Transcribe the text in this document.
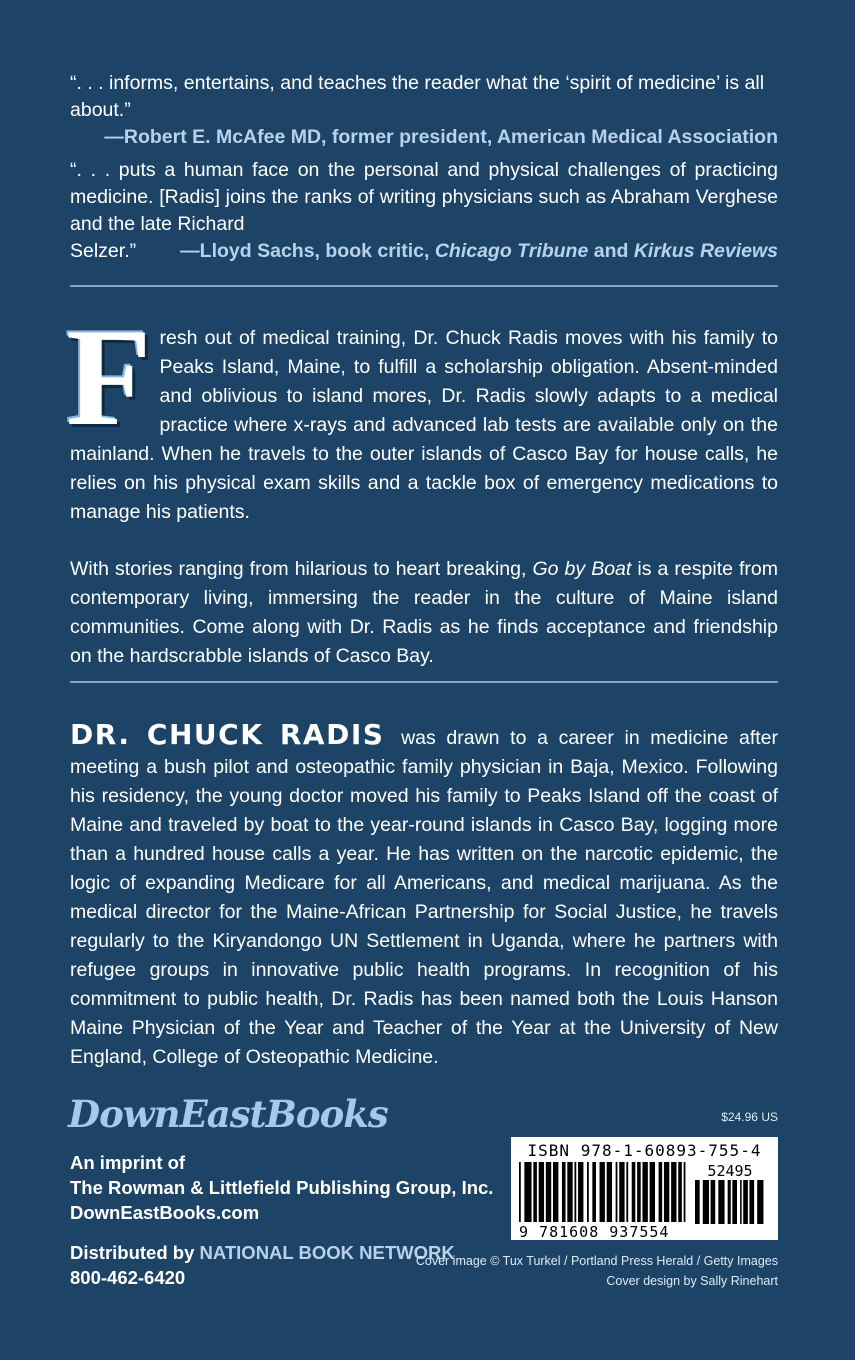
“. . . informs, entertains, and teaches the reader what the ‘spirit of medicine’ is all about.”
—Robert E. McAfee MD, former president, American Medical Association
“. . . puts a human face on the personal and physical challenges of practicing medicine. [Radis] joins the ranks of writing physicians such as Abraham Verghese and the late Richard
Selzer.” —Lloyd Sachs, book critic, Chicago Tribune and Kirkus Reviews

Fresh out of medical training, Dr. Chuck Radis moves with his family to Peaks Island, Maine, to fulfill a scholarship obligation. Absent-minded and oblivious to island mores, Dr. Radis slowly adapts to a medical practice where x-rays and advanced lab tests are available only on the mainland. When he travels to the outer islands of Casco Bay for house calls, he relies on his physical exam skills and a tackle box of emergency medications to manage his patients.

With stories ranging from hilarious to heart breaking, Go by Boat is a respite from contemporary living, immersing the reader in the culture of Maine island communities. Come along with Dr. Radis as he finds acceptance and friendship on the hardscrabble islands of Casco Bay.

DR. CHUCK RADIS was drawn to a career in medicine after meeting a bush pilot and osteopathic family physician in Baja, Mexico. Following his residency, the young doctor moved his family to Peaks Island off the coast of Maine and traveled by boat to the year-round islands in Casco Bay, logging more than a hundred house calls a year. He has written on the narcotic epidemic, the logic of expanding Medicare for all Americans, and medical marijuana. As the medical director for the Maine-African Partnership for Social Justice, he travels regularly to the Kiryandongo UN Settlement in Uganda, where he partners with refugee groups in innovative public health programs. In recognition of his commitment to public health, Dr. Radis has been named both the Louis Hanson Maine Physician of the Year and Teacher of the Year at the University of New England, College of Osteopathic Medicine.
DownEastBooks
An imprint of
The Rowman & Littlefield Publishing Group, Inc.
DownEastBooks.com
Distributed by NATIONAL BOOK NETWORK
800-462-6420
$24.96 US
ISBN 978-1-60893-755-4
52495
9 781608 937554
Cover image © Tux Turkel / Portland Press Herald / Getty Images
Cover design by Sally Rinehart
